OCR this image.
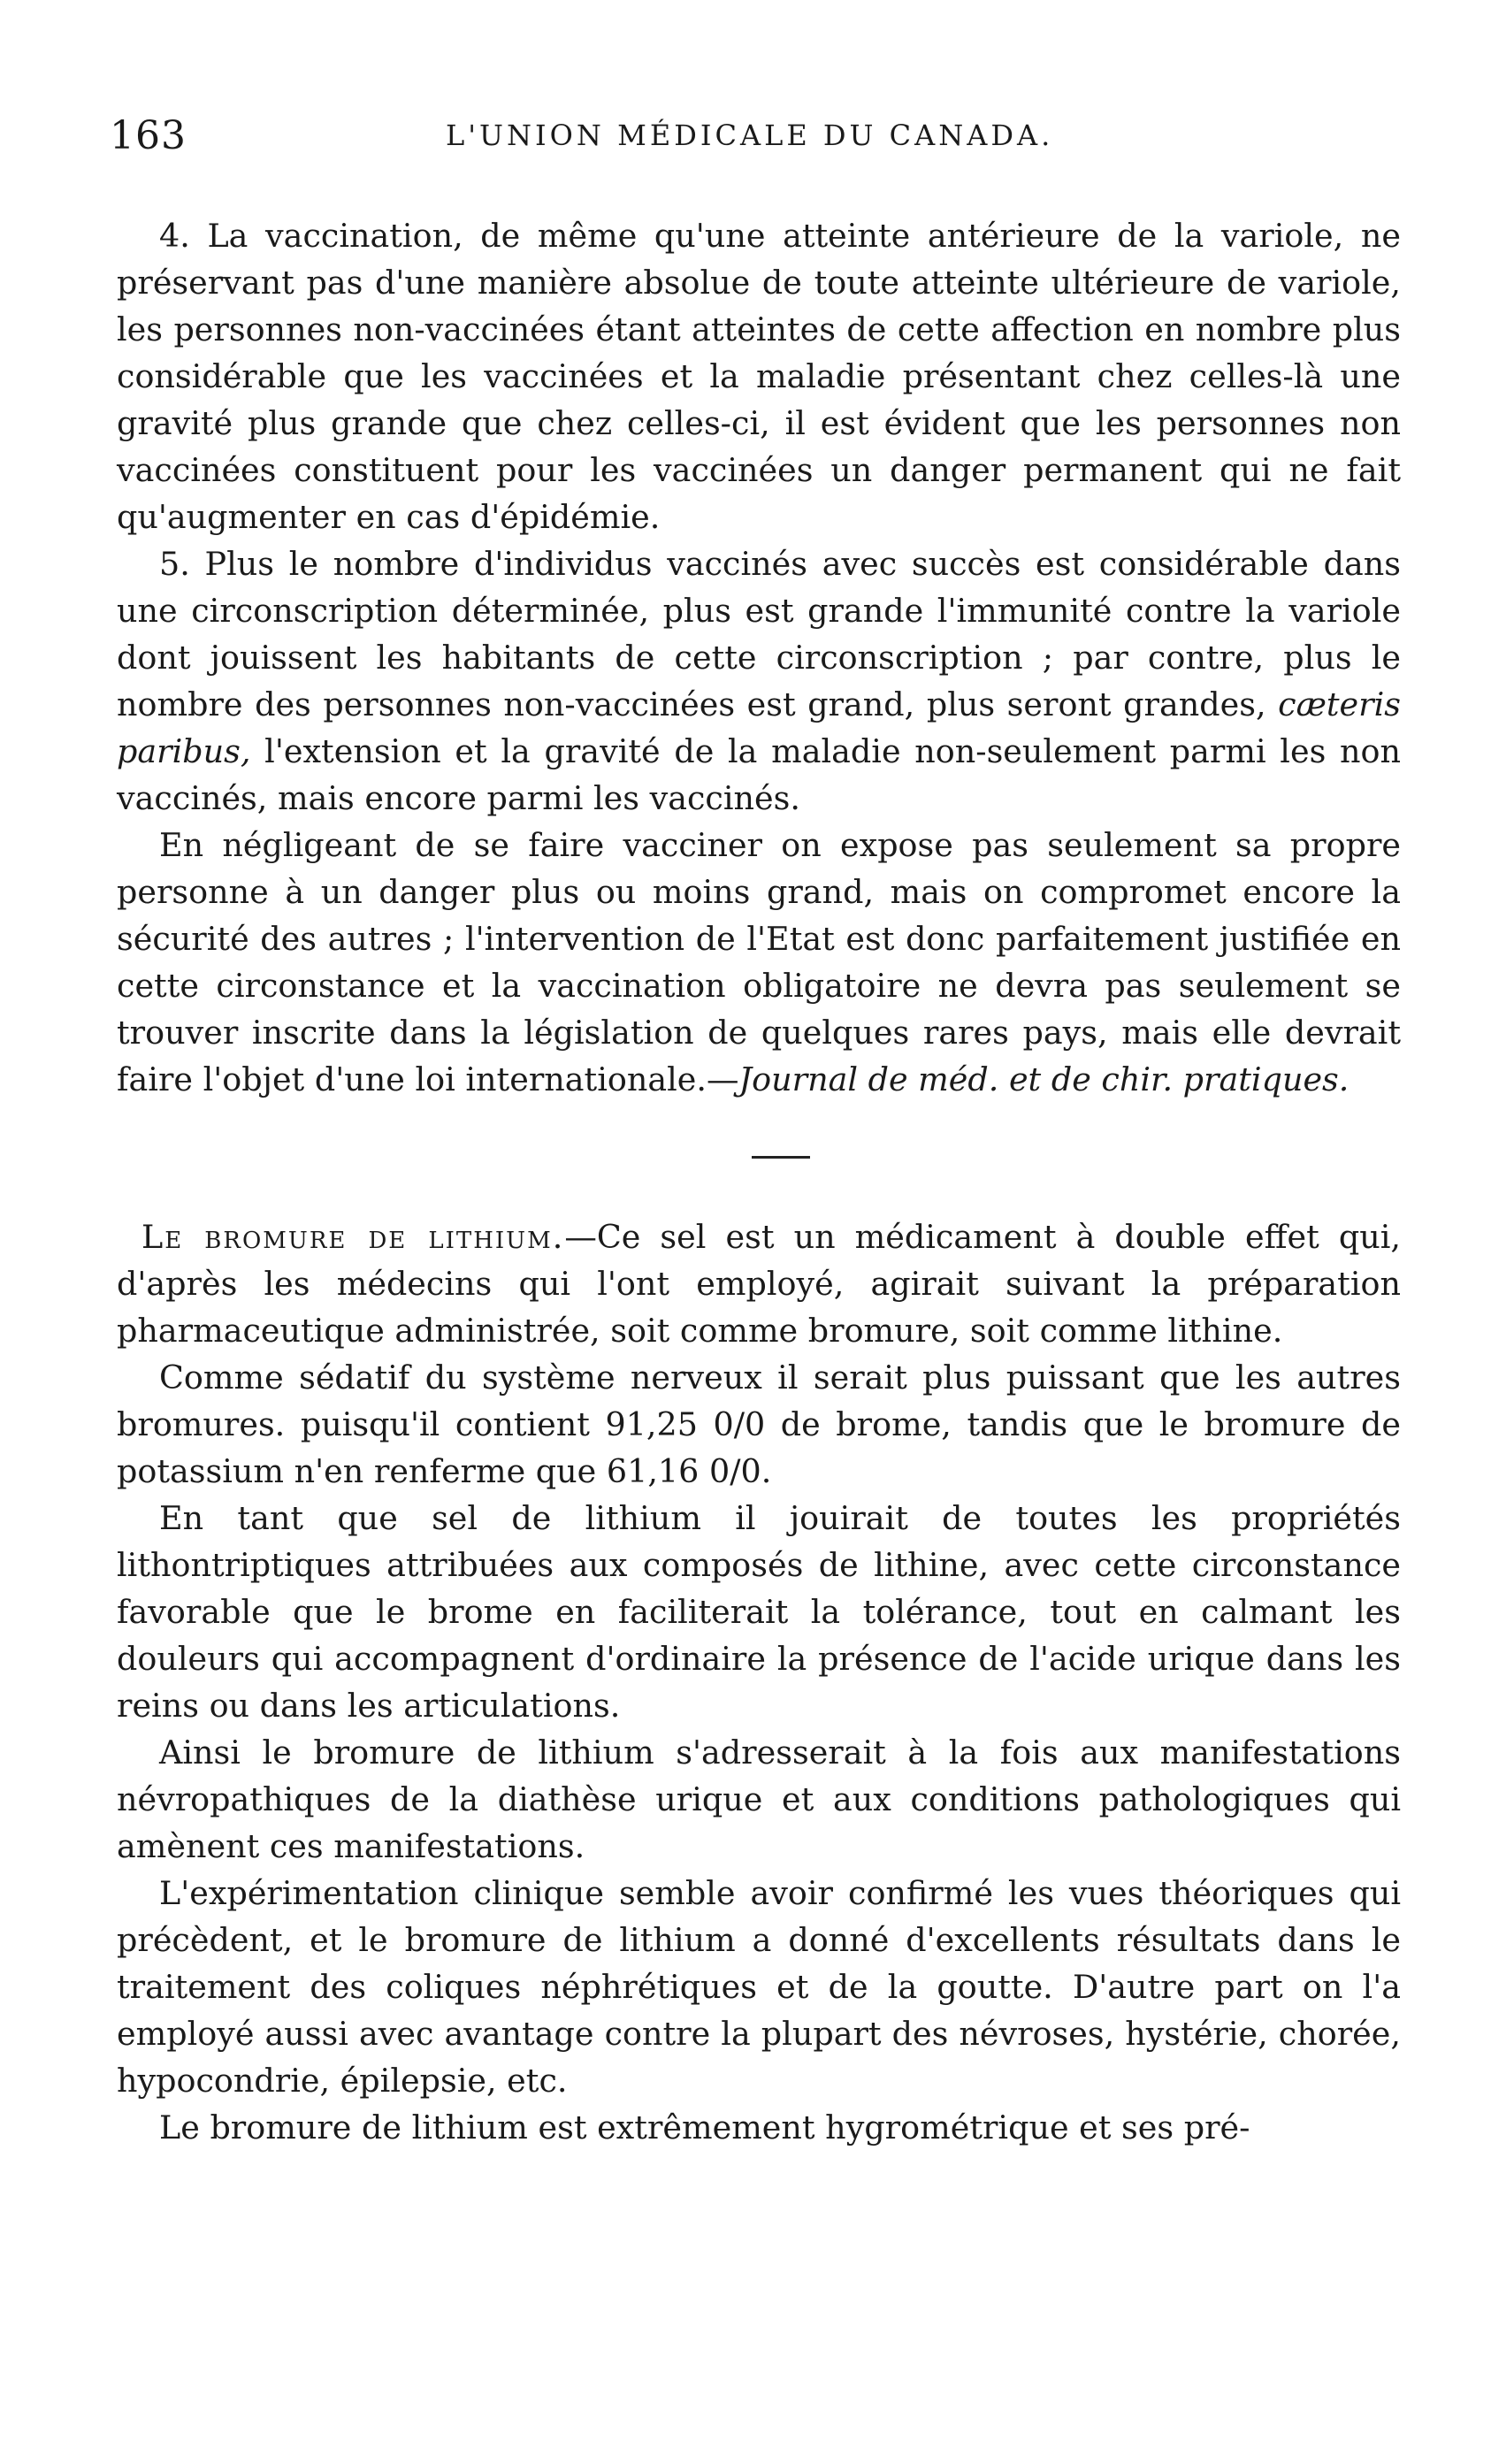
163	L'UNION MÉDICALE DU CANADA.

4. La vaccination, de même qu'une atteinte antérieure de la variole, ne préservant pas d'une manière absolue de toute atteinte ultérieure de variole, les personnes non-vaccinées étant atteintes de cette affection en nombre plus considérable que les vaccinées et la maladie présentant chez celles-là une gravité plus grande que chez celles-ci, il est évident que les personnes non vaccinées constituent pour les vaccinées un danger permanent qui ne fait qu'augmenter en cas d'épidémie.

5. Plus le nombre d'individus vaccinés avec succès est considérable dans une circonscription déterminée, plus est grande l'immunité contre la variole dont jouissent les habitants de cette circonscription ; par contre, plus le nombre des personnes non-vaccinées est grand, plus seront grandes, cæteris paribus, l'extension et la gravité de la maladie non-seulement parmi les non vaccinés, mais encore parmi les vaccinés.

En négligeant de se faire vacciner on expose pas seulement sa propre personne à un danger plus ou moins grand, mais on compromet encore la sécurité des autres ; l'intervention de l'Etat est donc parfaitement justifiée en cette circonstance et la vaccination obligatoire ne devra pas seulement se trouver inscrite dans la législation de quelques rares pays, mais elle devrait faire l'objet d'une loi internationale.—Journal de méd. et de chir. pratiques.

Le bromure de lithium.—Ce sel est un médicament à double effet qui, d'après les médecins qui l'ont employé, agirait suivant la préparation pharmaceutique administrée, soit comme bromure, soit comme lithine.

Comme sédatif du système nerveux il serait plus puissant que les autres bromures. puisqu'il contient 91,25 0/0 de brome, tandis que le bromure de potassium n'en renferme que 61,16 0/0.

En tant que sel de lithium il jouirait de toutes les propriétés lithontriptiques attribuées aux composés de lithine, avec cette circonstance favorable que le brome en faciliterait la tolérance, tout en calmant les douleurs qui accompagnent d'ordinaire la présence de l'acide urique dans les reins ou dans les articulations.

Ainsi le bromure de lithium s'adresserait à la fois aux manifestations névropathiques de la diathèse urique et aux conditions pathologiques qui amènent ces manifestations.

L'expérimentation clinique semble avoir confirmé les vues théoriques qui précèdent, et le bromure de lithium a donné d'excellents résultats dans le traitement des coliques néphrétiques et de la goutte. D'autre part on l'a employé aussi avec avantage contre la plupart des névroses, hystérie, chorée, hypocondrie, épilepsie, etc.

Le bromure de lithium est extrêmement hygrométrique et ses pré-
